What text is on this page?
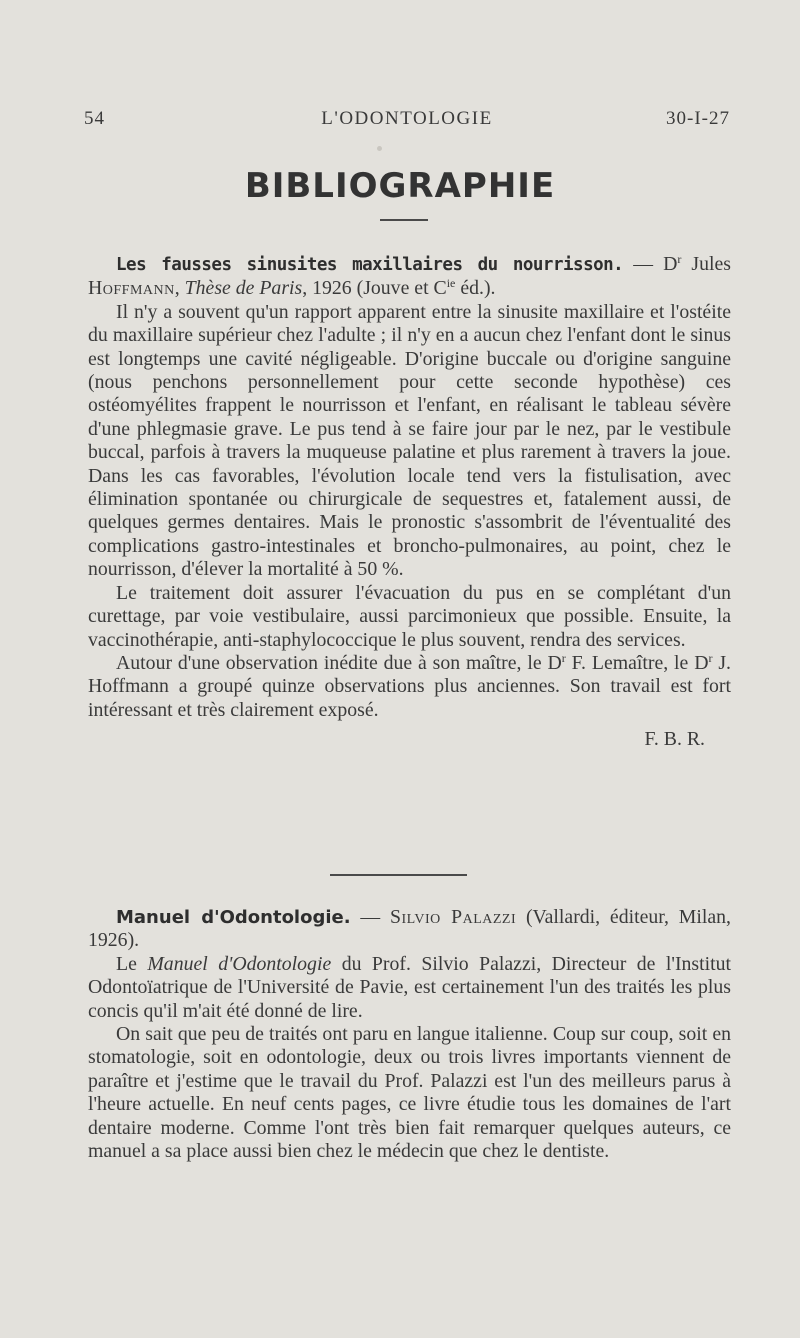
54	L'ODONTOLOGIE	30-I-27
BIBLIOGRAPHIE

Les fausses sinusites maxillaires du nourrisson. — $D^r$ Jules Hoffmann, Thèse de Paris, 1926 (Jouve et $C^{ie}$ éd.).

Il n'y a souvent qu'un rapport apparent entre la sinusite maxillaire et l'ostéite du maxillaire supérieur chez l'adulte ; il n'y en a aucun chez l'enfant dont le sinus est longtemps une cavité négligeable. D'origine buccale ou d'origine sanguine (nous penchons personnellement pour cette seconde hypothèse) ces ostéomyélites frappent le nourrisson et l'enfant, en réalisant le tableau sévère d'une phlegmasie grave. Le pus tend à se faire jour par le nez, par le vestibule buccal, parfois à travers la muqueuse palatine et plus rarement à travers la joue. Dans les cas favorables, l'évolution locale tend vers la fistulisation, avec élimination spontanée ou chirurgicale de sequestres et, fatalement aussi, de quelques germes dentaires. Mais le pronostic s'assombrit de l'éventualité des complications gastro-intestinales et broncho-pulmonaires, au point, chez le nourrisson, d'élever la mortalité à 50 %.

Le traitement doit assurer l'évacuation du pus en se complétant d'un curettage, par voie vestibulaire, aussi parcimonieux que possible. Ensuite, la vaccinothérapie, anti-staphylococcique le plus souvent, rendra des services.

Autour d'une observation inédite due à son maître, le $D^r$ F. Lemaître, le $D^r$ J. Hoffmann a groupé quinze observations plus anciennes. Son travail est fort intéressant et très clairement exposé.

F. B. R.

Manuel d'Odontologie. — Silvio Palazzi (Vallardi, éditeur, Milan, 1926).

Le Manuel d'Odontologie du Prof. Silvio Palazzi, Directeur de l'Institut Odontoïatrique de l'Université de Pavie, est certainement l'un des traités les plus concis qu'il m'ait été donné de lire.

On sait que peu de traités ont paru en langue italienne. Coup sur coup, soit en stomatologie, soit en odontologie, deux ou trois livres importants viennent de paraître et j'estime que le travail du Prof. Palazzi est l'un des meilleurs parus à l'heure actuelle. En neuf cents pages, ce livre étudie tous les domaines de l'art dentaire moderne. Comme l'ont très bien fait remarquer quelques auteurs, ce manuel a sa place aussi bien chez le médecin que chez le dentiste.
